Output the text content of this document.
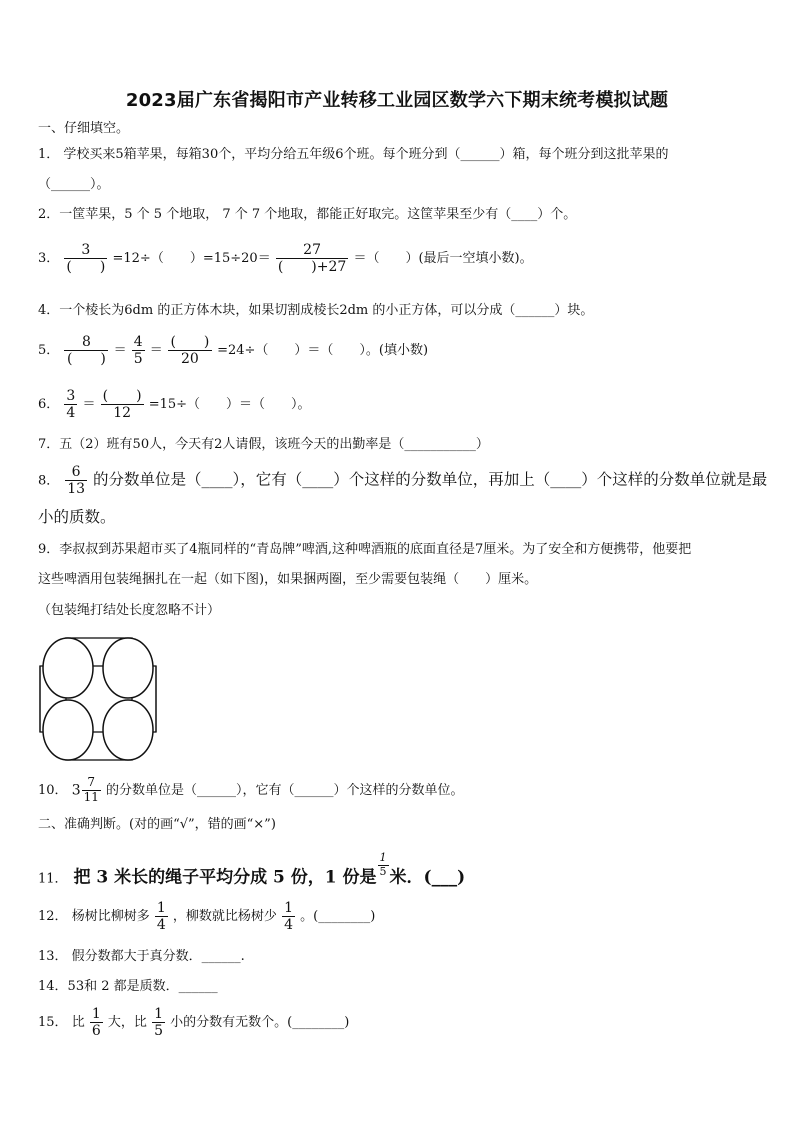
2023届广东省揭阳市产业转移工业园区数学六下期末统考模拟试题
一、仔细填空。
1． 学校买来5箱苹果，每箱30个，平均分给五年级6个班。每个班分到（______）箱，每个班分到这批苹果的
（______）。
2．一筐苹果，5 个 5 个地取， 7 个 7 个地取，都能正好取完。这筐苹果至少有（____）个。
3． $\frac{3}{( )} =12\div$（　　）$=15\div 20= \frac{27}{( )+27}$ ＝（　　）(最后一空填小数)。
4．一个棱长为6dm 的正方体木块，如果切割成棱长2dm 的小正方体，可以分成（______）块。
5． $\frac{8}{( )} = \frac{4}{5} = \frac{( )}{20} =24\div$（　　）＝（　　）。(填小数)
6． $\frac{3}{4} = \frac{( )}{12} =15\div$（　　）＝（　　）。
7．五（2）班有50人，今天有2人请假，该班今天的出勤率是（___________）
8． $\frac{6}{13}$ 的分数单位是（____），它有（____）个这样的分数单位，再加上（____）个这样的分数单位就是最
小的质数。
9．李叔叔到苏果超市买了4瓶同样的“青岛牌”啤酒,这种啤酒瓶的底面直径是7厘米。为了安全和方便携带，他要把
这些啤酒用包装绳捆扎在一起（如下图)，如果捆两圈，至少需要包装绳（　　）厘米。
（包装绳打结处长度忽略不计）
10． $3 \frac{7}{11}$ 的分数单位是（______），它有（______）个这样的分数单位。
二、准确判断。(对的画“√”，错的画“×”)
11． 把 3 米长的绳子平均分成 5 份，1 份是 $\frac{1}{5}$ 米．(___)
12． 杨树比柳树多 $\frac{1}{4}$ ，柳数就比杨树少 $\frac{1}{4}$ 。(________)
13． 假分数都大于真分数．______.
14．53和 2 都是质数．______
15． 比 $\frac{1}{6}$ 大，比 $\frac{1}{5}$ 小的分数有无数个。(________)
